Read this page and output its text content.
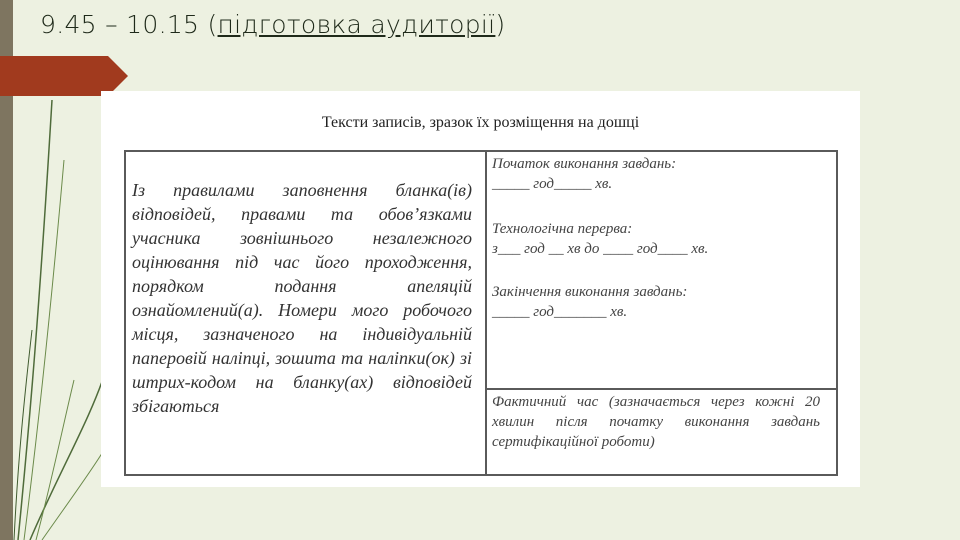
9.45 – 10.15 (підготовка аудиторії)
Тексти записів, зразок їх розміщення на дошці
Із правилами заповнення бланка(ів) відповідей, правами та обов’язками учасника зовнішнього незалежного оцінювання під час його проходження, порядком подання апеляцій ознайомлений(а). Номери мого робочого місця, зазначеного на індивідуальній паперовій наліпці, зошита та наліпки(ок) зі штрих-кодом на бланку(ах) відповідей збігаються
Початок виконання завдань:
_____ год_____ хв.
Технологічна перерва:
з___ год __ хв до ____ год____ хв.
Закінчення виконання завдань:
_____ год_______ хв.
Фактичний час (зазначається через кожні 20 хвилин після початку виконання завдань сертифікаційної роботи)
